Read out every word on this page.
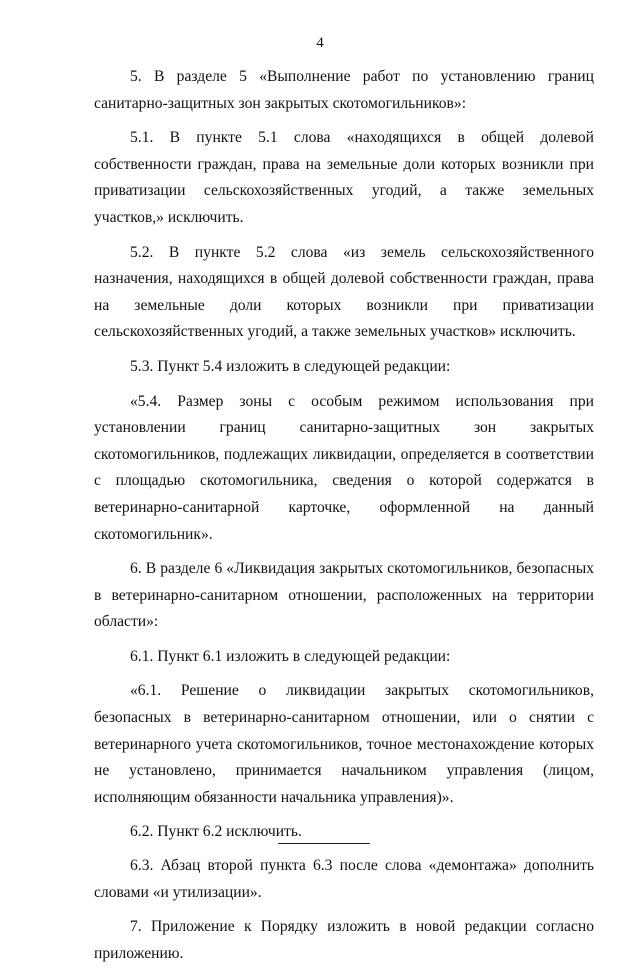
4

5. В разделе 5 «Выполнение работ по установлению границ санитарно-защитных зон закрытых скотомогильников»:

5.1. В пункте 5.1 слова «находящихся в общей долевой собственности граждан, права на земельные доли которых возникли при приватизации сельскохозяйственных угодий, а также земельных участков,» исключить.

5.2. В пункте 5.2 слова «из земель сельскохозяйственного назначения, находящихся в общей долевой собственности граждан, права на земельные доли которых возникли при приватизации сельскохозяйственных угодий, а также земельных участков» исключить.

5.3. Пункт 5.4 изложить в следующей редакции:

«5.4. Размер зоны с особым режимом использования при установлении границ санитарно-защитных зон закрытых скотомогильников, подлежащих ликвидации, определяется в соответствии с площадью скотомогильника, сведения о которой содержатся в ветеринарно-санитарной карточке, оформленной на данный скотомогильник».

6. В разделе 6 «Ликвидация закрытых скотомогильников, безопасных в ветеринарно-санитарном отношении, расположенных на территории области»:

6.1. Пункт 6.1 изложить в следующей редакции:

«6.1. Решение о ликвидации закрытых скотомогильников, безопасных в ветеринарно-санитарном отношении, или о снятии с ветеринарного учета скотомогильников, точное местонахождение которых не установлено, принимается начальником управления (лицом, исполняющим обязанности начальника управления)».

6.2. Пункт 6.2 исключить.

6.3. Абзац второй пункта 6.3 после слова «демонтажа» дополнить словами «и утилизации».

7. Приложение к Порядку изложить в новой редакции согласно приложению.
